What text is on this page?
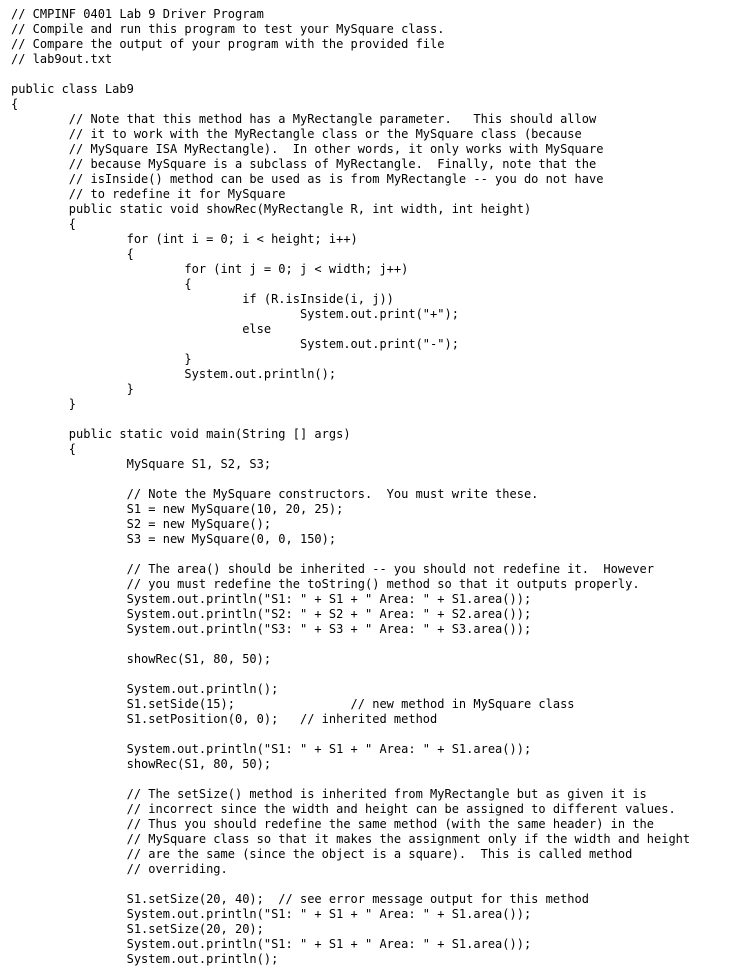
// CMPINF 0401 Lab 9 Driver Program
// Compile and run this program to test your MySquare class.
// Compare the output of your program with the provided file
// lab9out.txt
public class Lab9
{
// Note that this method has a MyRectangle parameter.   This should allow
// it to work with the MyRectangle class or the MySquare class (because
// MySquare ISA MyRectangle).  In other words, it only works with MySquare
// because MySquare is a subclass of MyRectangle.  Finally, note that the
// isInside() method can be used as is from MyRectangle -- you do not have
// to redefine it for MySquare
public static void showRec(MyRectangle R, int width, int height)
{
for (int i = 0; i < height; i++)
{
for (int j = 0; j < width; j++)
{
if (R.isInside(i, j))
System.out.print("+");
else
System.out.print("-");
}
System.out.println();
}
}
public static void main(String [] args)
{
MySquare S1, S2, S3;
// Note the MySquare constructors.  You must write these.
S1 = new MySquare(10, 20, 25);
S2 = new MySquare();
S3 = new MySquare(0, 0, 150);
// The area() should be inherited -- you should not redefine it.  However
// you must redefine the toString() method so that it outputs properly.
System.out.println("S1: " + S1 + " Area: " + S1.area());
System.out.println("S2: " + S2 + " Area: " + S2.area());
System.out.println("S3: " + S3 + " Area: " + S3.area());
showRec(S1, 80, 50);
System.out.println();
S1.setSide(15);                // new method in MySquare class
S1.setPosition(0, 0);   // inherited method
System.out.println("S1: " + S1 + " Area: " + S1.area());
showRec(S1, 80, 50);
// The setSize() method is inherited from MyRectangle but as given it is
// incorrect since the width and height can be assigned to different values.
// Thus you should redefine the same method (with the same header) in the
// MySquare class so that it makes the assignment only if the width and height
// are the same (since the object is a square).  This is called method
// overriding.
S1.setSize(20, 40);  // see error message output for this method
System.out.println("S1: " + S1 + " Area: " + S1.area());
S1.setSize(20, 20);
System.out.println("S1: " + S1 + " Area: " + S1.area());
System.out.println();
